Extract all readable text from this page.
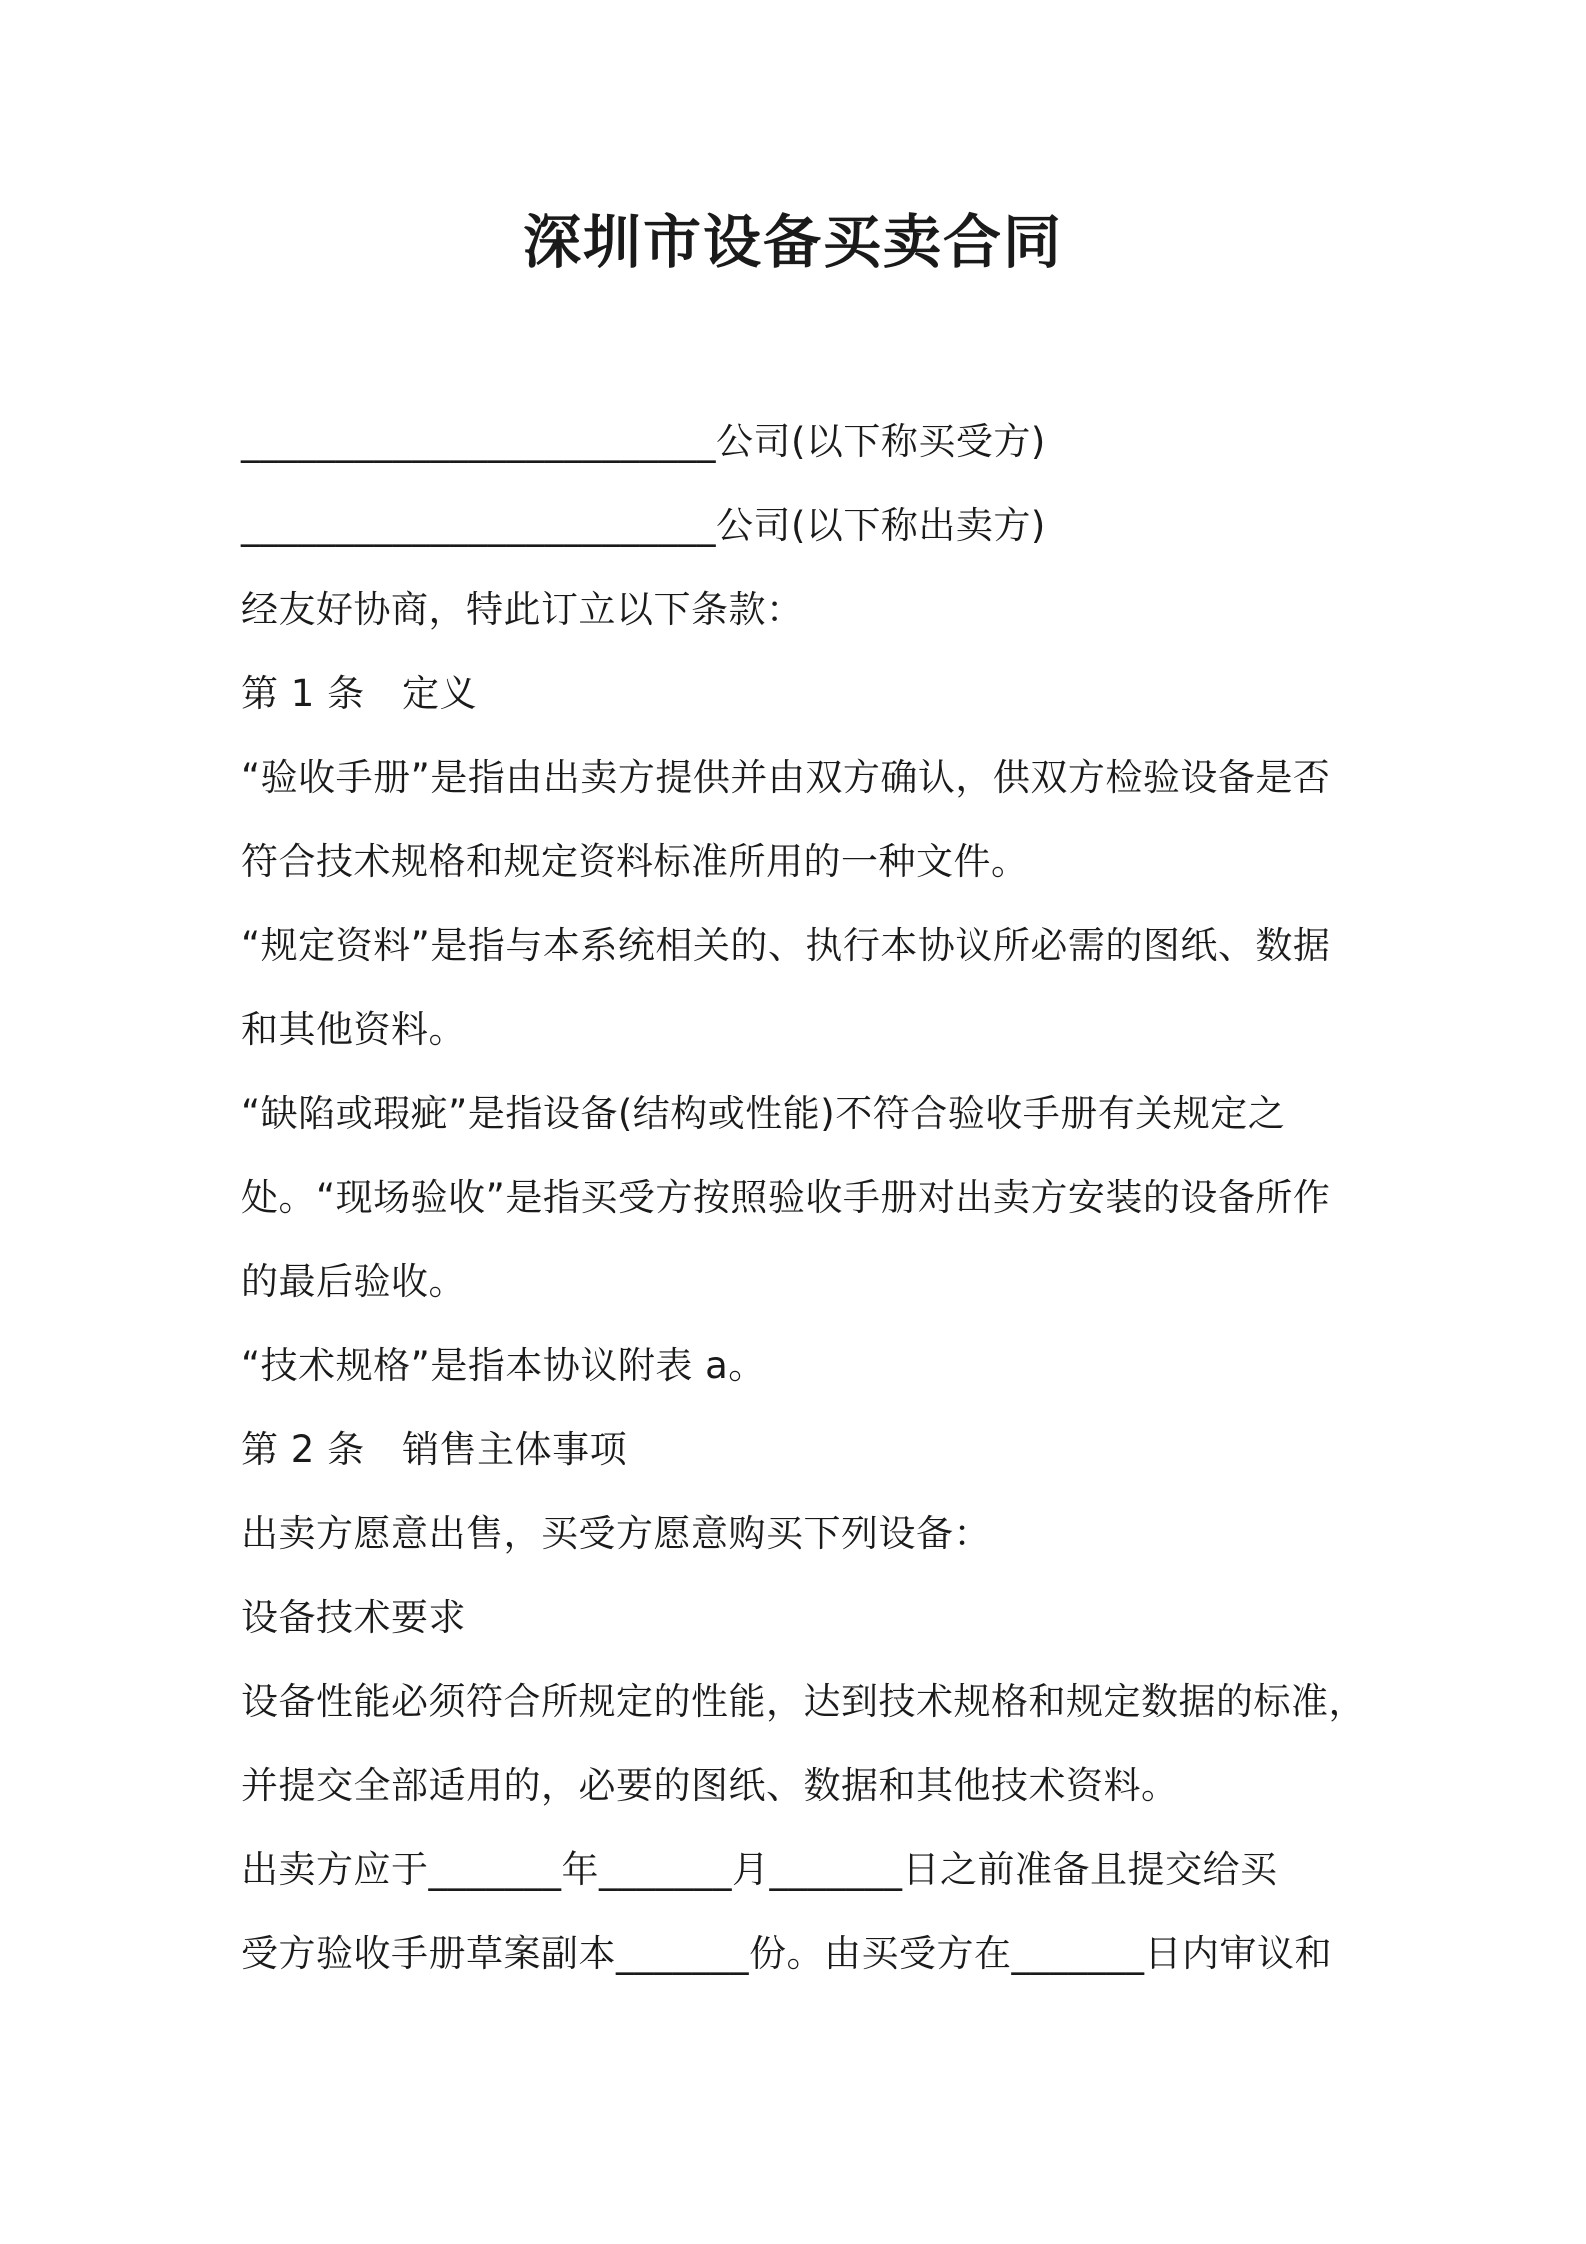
深圳市设备买卖合同
_________________________公司(以下称买受方)
_________________________公司(以下称出卖方)
经友好协商，特此订立以下条款：
第 1 条　定义
“验收手册”是指由出卖方提供并由双方确认，供双方检验设备是否
符合技术规格和规定资料标准所用的一种文件。
“规定资料”是指与本系统相关的、执行本协议所必需的图纸、数据
和其他资料。
“缺陷或瑕疵”是指设备(结构或性能)不符合验收手册有关规定之
处。“现场验收”是指买受方按照验收手册对出卖方安装的设备所作
的最后验收。
“技术规格”是指本协议附表 a。
第 2 条　销售主体事项
出卖方愿意出售，买受方愿意购买下列设备：
设备技术要求
设备性能必须符合所规定的性能，达到技术规格和规定数据的标准，
并提交全部适用的，必要的图纸、数据和其他技术资料。
出卖方应于_______年_______月_______日之前准备且提交给买
受方验收手册草案副本_______份。由买受方在_______日内审议和
